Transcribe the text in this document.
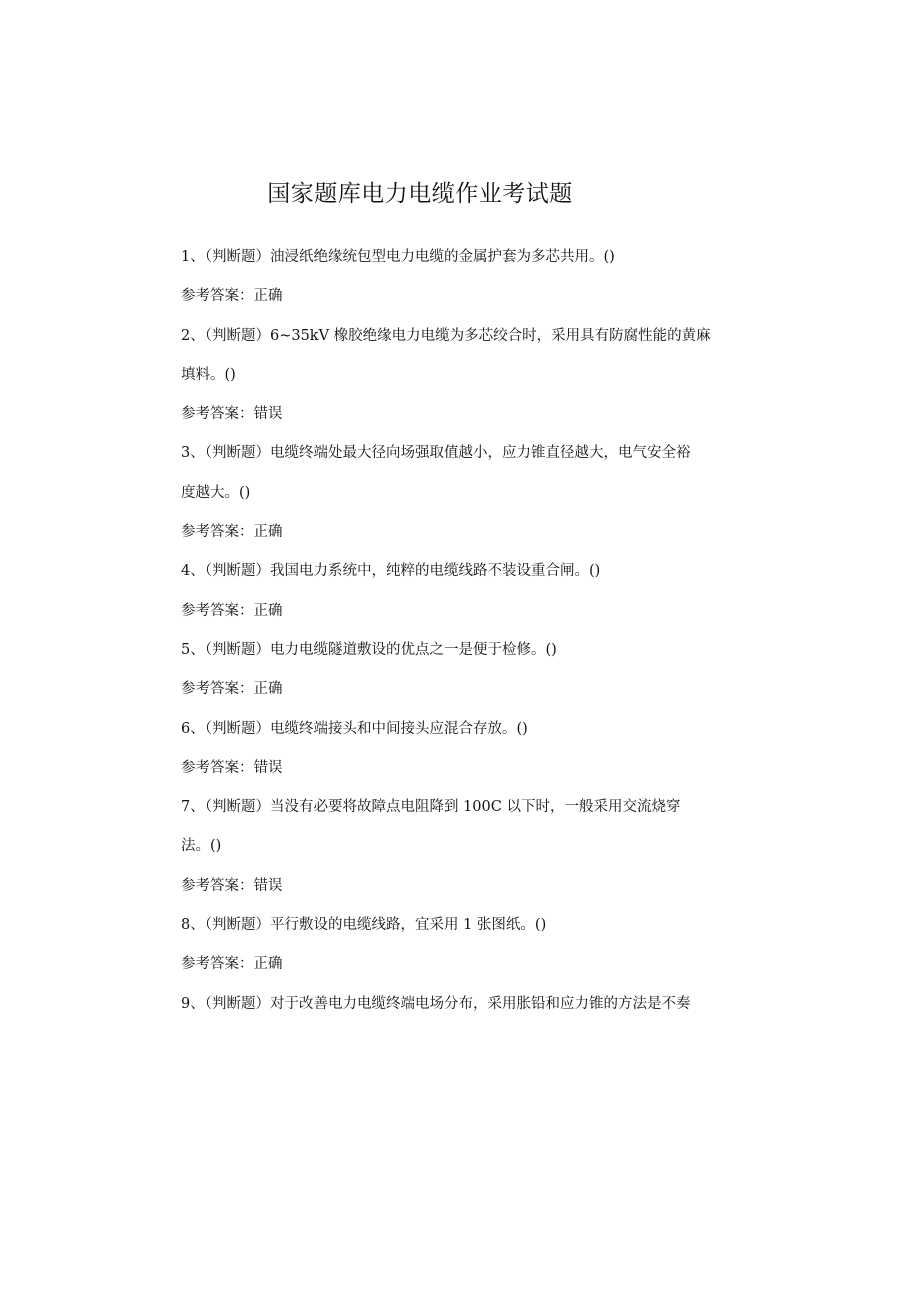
国家题库电力电缆作业考试题
1、（判断题）油浸纸绝缘统包型电力电缆的金属护套为多芯共用。()
参考答案：正确
2、（判断题）6~35kV 橡胶绝缘电力电缆为多芯绞合时，采用具有防腐性能的黄麻
填料。()
参考答案：错误
3、（判断题）电缆终端处最大径向场强取值越小，应力锥直径越大，电气安全裕
度越大。()
参考答案：正确
4、（判断题）我国电力系统中，纯粹的电缆线路不装设重合闸。()
参考答案：正确
5、（判断题）电力电缆隧道敷设的优点之一是便于检修。()
参考答案：正确
6、（判断题）电缆终端接头和中间接头应混合存放。()
参考答案：错误
7、（判断题）当没有必要将故障点电阻降到 100C 以下时，一般采用交流烧穿
法。()
参考答案：错误
8、（判断题）平行敷设的电缆线路，宜采用 1 张图纸。()
参考答案：正确
9、（判断题）对于改善电力电缆终端电场分布，采用胀铅和应力锥的方法是不奏
